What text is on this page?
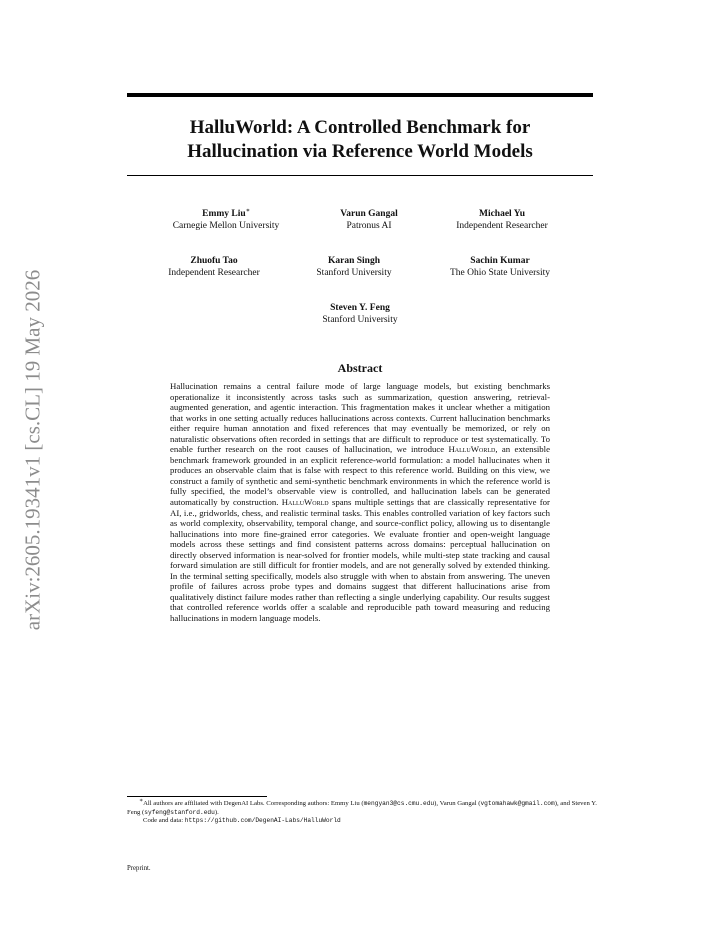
arXiv:2605.19341v1 [cs.CL] 19 May 2026
HalluWorld: A Controlled Benchmark for
Hallucination via Reference World Models
Emmy Liu∗
Carnegie Mellon University
Varun Gangal
Patronus AI
Michael Yu
Independent Researcher
Zhuofu Tao
Independent Researcher
Karan Singh
Stanford University
Sachin Kumar
The Ohio State University
Steven Y. Feng
Stanford University
Abstract
Hallucination remains a central failure mode of large language models, but existing benchmarks operationalize it inconsistently across tasks such as summarization, question answering, retrieval-augmented generation, and agentic interaction. This fragmentation makes it unclear whether a mitigation that works in one setting actually reduces hallucinations across contexts. Current hallucination benchmarks either require human annotation and fixed references that may eventually be memorized, or rely on naturalistic observations often recorded in settings that are difficult to reproduce or test systematically. To enable further research on the root causes of hallucination, we introduce HalluWorld, an extensible benchmark framework grounded in an explicit reference-world formulation: a model hallucinates when it produces an observable claim that is false with respect to this reference world. Building on this view, we construct a family of synthetic and semi-synthetic benchmark environments in which the reference world is fully specified, the model’s observable view is controlled, and hallucination labels can be generated automatically by construction. HalluWorld spans multiple settings that are classically representative for AI, i.e., gridworlds, chess, and realistic terminal tasks. This enables controlled variation of key factors such as world complexity, observability, temporal change, and source-conflict policy, allowing us to disentangle hallucinations into more fine-grained error categories. We evaluate frontier and open-weight language models across these settings and find consistent patterns across domains: perceptual hallucination on directly observed information is near-solved for frontier models, while multi-step state tracking and causal forward simulation are still difficult for frontier models, and are not generally solved by extended thinking. In the terminal setting specifically, models also struggle with when to abstain from answering. The uneven profile of failures across probe types and domains suggest that different hallucinations arise from qualitatively distinct failure modes rather than reflecting a single underlying capability. Our results suggest that controlled reference worlds offer a scalable and reproducible path toward measuring and reducing hallucinations in modern language models.

∗All authors are affiliated with DegenAI Labs. Corresponding authors: Emmy Liu (mengyan3@cs.cmu.edu), Varun Gangal (vgtomahawk@gmail.com), and Steven Y. Feng (syfeng@stanford.edu).

Code and data: https://github.com/DegenAI-Labs/HalluWorld

Preprint.
